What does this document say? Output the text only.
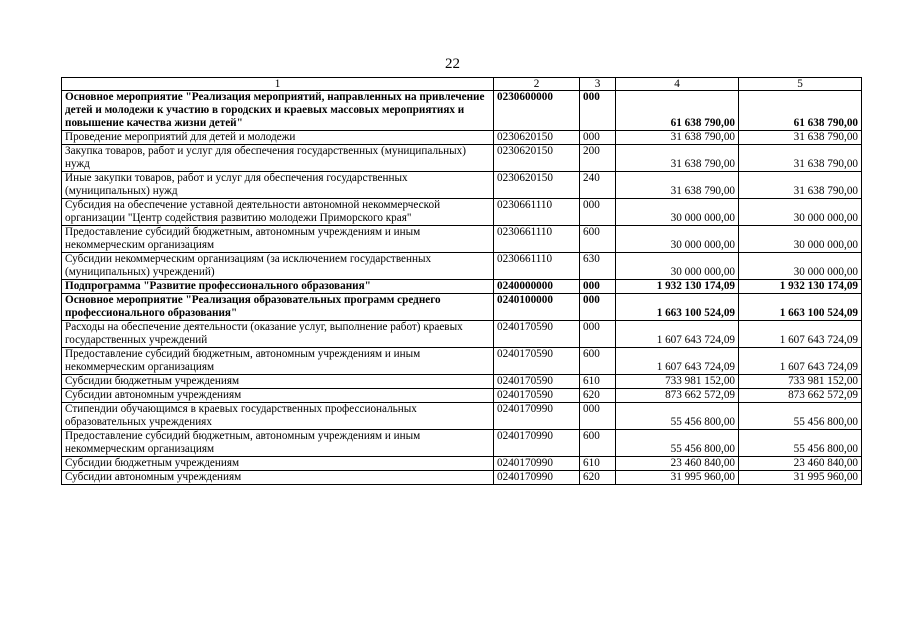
22
1	2	3	4	5
Основное мероприятие "Реализация мероприятий, направленных на привлечение детей и молодежи к участию в городских и краевых массовых мероприятиях и повышение качества жизни детей"	0230600000	000	61 638 790,00	61 638 790,00
Проведение мероприятий для детей и молодежи	0230620150	000	31 638 790,00	31 638 790,00
Закупка товаров, работ и услуг для обеспечения государственных (муниципальных) нужд	0230620150	200	31 638 790,00	31 638 790,00
Иные закупки товаров, работ и услуг для обеспечения государственных (муниципальных) нужд	0230620150	240	31 638 790,00	31 638 790,00
Субсидия на обеспечение уставной деятельности автономной некоммерческой организации "Центр содействия развитию молодежи Приморского края"	0230661110	000	30 000 000,00	30 000 000,00
Предоставление субсидий бюджетным, автономным учреждениям и иным некоммерческим организациям	0230661110	600	30 000 000,00	30 000 000,00
Субсидии некоммерческим организациям (за исключением государственных (муниципальных) учреждений)	0230661110	630	30 000 000,00	30 000 000,00
Подпрограмма "Развитие профессионального образования"	0240000000	000	1 932 130 174,09	1 932 130 174,09
Основное мероприятие "Реализация образовательных программ среднего профессионального образования"	0240100000	000	1 663 100 524,09	1 663 100 524,09
Расходы на обеспечение деятельности (оказание услуг, выполнение работ) краевых государственных учреждений	0240170590	000	1 607 643 724,09	1 607 643 724,09
Предоставление субсидий бюджетным, автономным учреждениям и иным некоммерческим организациям	0240170590	600	1 607 643 724,09	1 607 643 724,09
Субсидии бюджетным учреждениям	0240170590	610	733 981 152,00	733 981 152,00
Субсидии автономным учреждениям	0240170590	620	873 662 572,09	873 662 572,09
Стипендии обучающимся в краевых государственных профессиональных образовательных учреждениях	0240170990	000	55 456 800,00	55 456 800,00
Предоставление субсидий бюджетным, автономным учреждениям и иным некоммерческим организациям	0240170990	600	55 456 800,00	55 456 800,00
Субсидии бюджетным учреждениям	0240170990	610	23 460 840,00	23 460 840,00
Субсидии автономным учреждениям	0240170990	620	31 995 960,00	31 995 960,00
